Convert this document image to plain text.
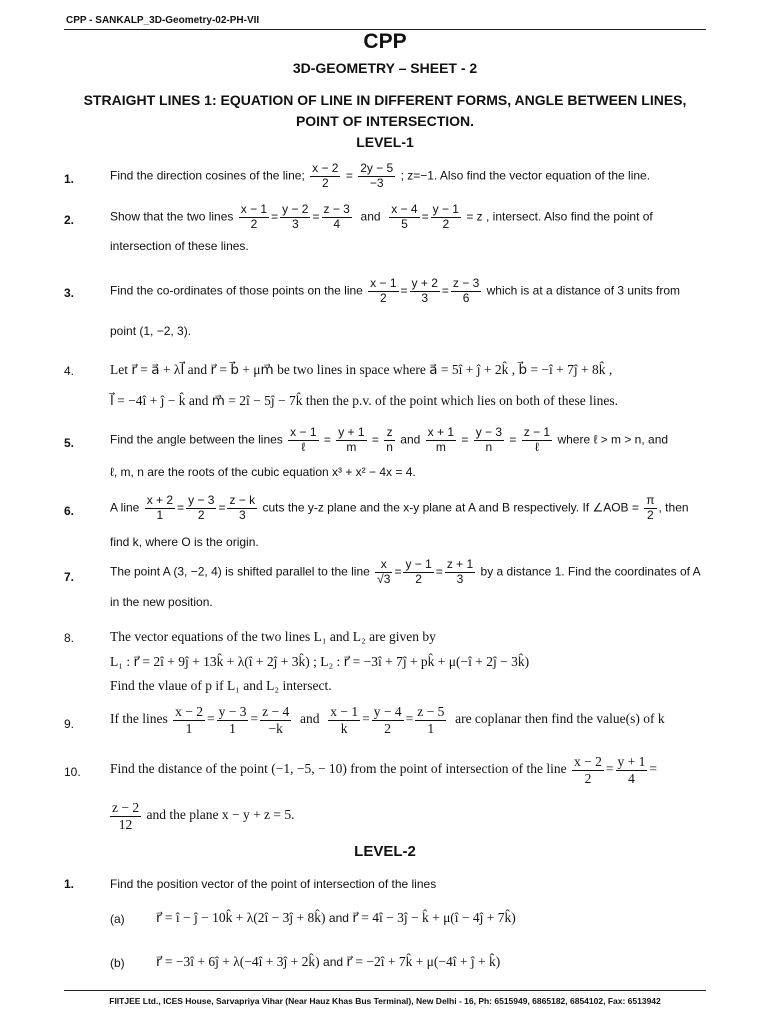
CPP - SANKALP_3D-Geometry-02-PH-VII
CPP
3D-GEOMETRY – SHEET - 2
STRAIGHT LINES 1: EQUATION OF LINE IN DIFFERENT FORMS, ANGLE BETWEEN LINES,
POINT OF INTERSECTION.
LEVEL-1
1.	Find the direction cosines of the line; $\frac{x - 2}{2} = \frac{2y - 5}{-3}$ ; z=−1. Also find the vector equation of the line.
2.	Show that the two lines $\frac{x - 1}{2} = \frac{y - 2}{3} = \frac{z - 3}{4}$ and $\frac{x - 4}{5} = \frac{y - 1}{2} = z$ , intersect. Also find the point of
intersection of these lines.
3.	Find the co-ordinates of those points on the line $\frac{x - 1}{2} = \frac{y + 2}{3} = \frac{z - 3}{6}$ which is at a distance of 3 units from
point (1, −2, 3).
4.	Let r⃗ = a⃗ + λl⃗ and r⃗ = b⃗ + μm⃗ be two lines in space where a⃗ = 5î + ĵ + 2k̂ , b⃗ = −î + 7ĵ + 8k̂ ,
l⃗ = −4î + ĵ − k̂ and m⃗ = 2î − 5ĵ − 7k̂ then the p.v. of the point which lies on both of these lines.
5.	Find the angle between the lines $\frac{x - 1}{\text{ℓ}} = \frac{y + 1}{m} = \frac{z}{n}$ and $\frac{x + 1}{m} = \frac{y - 3}{n} = \frac{z - 1}{\text{ℓ}}$ where ℓ > m > n, and
ℓ, m, n are the roots of the cubic equation x³ + x² − 4x = 4.
6.	A line $\frac{x + 2}{1} = \frac{y - 3}{2} = \frac{z - k}{3}$ cuts the y-z plane and the x-y plane at A and B respectively. If ∠AOB = $\frac{\pi}{2}$ , then
find k, where O is the origin.
7.	The point A (3, −2, 4) is shifted parallel to the line $\frac{x}{√3} = \frac{y - 1}{2} = \frac{z + 1}{3}$ by a distance 1. Find the coordinates of A
in the new position.
8.	The vector equations of the two lines L₁ and L₂ are given by
L₁ : r⃗ = 2î + 9ĵ + 13k̂ + λ(î + 2ĵ + 3k̂) ; L₂ : r⃗ = −3î + 7ĵ + pk̂ + μ(−î + 2ĵ − 3k̂)
Find the vlaue of p if L₁ and L₂ intersect.
9.	If the lines $\frac{x - 2}{1} = \frac{y - 3}{1} = \frac{z - 4}{-k}$ and $\frac{x - 1}{k} = \frac{y - 4}{2} = \frac{z - 5}{1}$ are coplanar then find the value(s) of k
10. Find the distance of the point (−1, −5, − 10) from the point of intersection of the line $\frac{x - 2}{2} = \frac{y + 1}{4}$ =
$\frac{z - 2}{12}$ and the plane x − y + z = 5.
LEVEL-2
1.	Find the position vector of the point of intersection of the lines
(a)	r⃗ = î − ĵ − 10k̂ + λ(2î − 3ĵ + 8k̂) and r⃗ = 4î − 3ĵ − k̂ + μ(î − 4ĵ + 7k̂)
(b)	r⃗ = −3î + 6ĵ + λ(−4î + 3ĵ + 2k̂) and r⃗ = −2î + 7k̂ + μ(−4î + ĵ + k̂)
FIITJEE Ltd., ICES House, Sarvapriya Vihar (Near Hauz Khas Bus Terminal), New Delhi - 16, Ph: 6515949, 6865182, 6854102, Fax: 6513942
